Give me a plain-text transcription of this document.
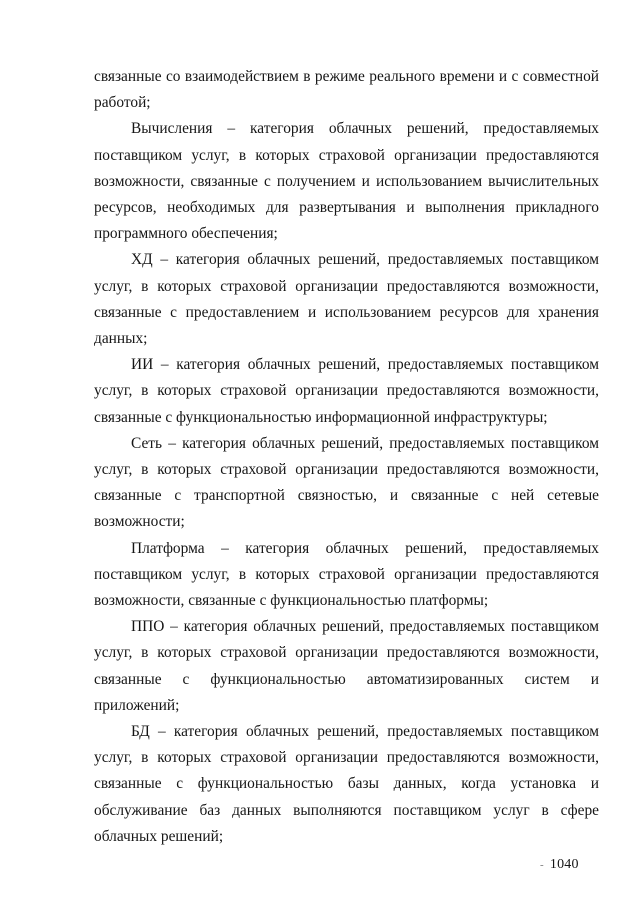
связанные со взаимодействием в режиме реального времени и с совместной работой;

Вычисления – категория облачных решений, предоставляемых поставщиком услуг, в которых страховой организации предоставляются возможности, связанные с получением и использованием вычислительных ресурсов, необходимых для развертывания и выполнения прикладного программного обеспечения;

ХД – категория облачных решений, предоставляемых поставщиком услуг, в которых страховой организации предоставляются возможности, связанные с предоставлением и использованием ресурсов для хранения данных;

ИИ – категория облачных решений, предоставляемых поставщиком услуг, в которых страховой организации предоставляются возможности, связанные с функциональностью информационной инфраструктуры;

Сеть – категория облачных решений, предоставляемых поставщиком услуг, в которых страховой организации предоставляются возможности, связанные с транспортной связностью, и связанные с ней сетевые возможности;

Платформа – категория облачных решений, предоставляемых поставщиком услуг, в которых страховой организации предоставляются возможности, связанные с функциональностью платформы;

ППО – категория облачных решений, предоставляемых поставщиком услуг, в которых страховой организации предоставляются возможности, связанные с функциональностью автоматизированных систем и приложений;

БД – категория облачных решений, предоставляемых поставщиком услуг, в которых страховой организации предоставляются возможности, связанные с функциональностью базы данных, когда установка и обслуживание баз данных выполняются поставщиком услуг в сфере облачных решений;

- 1040
